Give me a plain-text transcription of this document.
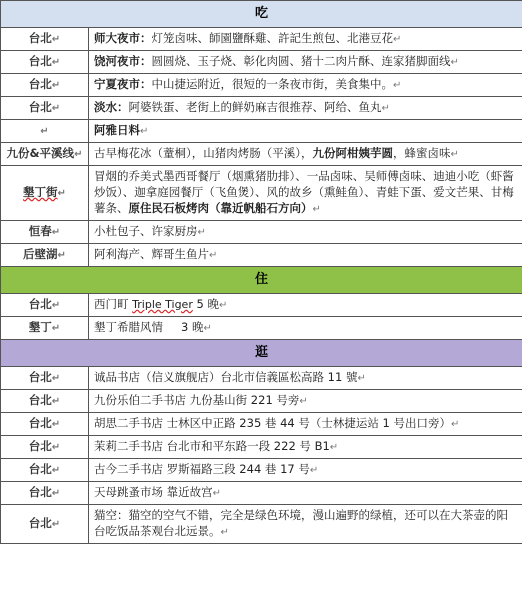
吃	
台北↵	师大夜市：灯笼卤味、師園鹽酥雞、許記生煎包、北港豆花↵
台北↵	饶河夜市：圆圆烧、玉子烧、彰化肉圆、猪十二肉片酥、连家猪脚面线↵
台北↵	宁夏夜市：中山捷运附近，很短的一条夜市街，美食集中。↵
台北↵	淡水：阿婆铁蛋、老街上的鲜奶麻吉很推荐、阿给、鱼丸↵
↵	阿雅日料↵
九份&平溪线↵	古早梅花冰（蕫桐），山猪肉烤肠（平溪），九份阿柑姨芋圆，蜂蜜卤味↵
墾丁街↵	冒烟的乔美式墨西哥餐厅（烟熏猪肋排）、一品卤味、吴师傅卤味、迪迪小吃（虾酱炒饭）、迦拿庭园餐厅（飞鱼煲）、风的故乡（熏鲑鱼）、青蛙下蛋、爱文芒果、甘梅薯条、原住民石板烤肉（靠近帆船石方向）↵
恒春↵	小杜包子、许家厨房↵
后壁湖↵	阿利海产、辉哥生鱼片↵
住	
台北↵	西门町 Triple Tiger 5 晚↵
墾丁↵	墾丁希腊风情 3 晚↵
逛	
台北↵	诚品书店（信义旗舰店）台北市信義區松高路 11 號↵
台北↵	九份乐伯二手书店 九份基山街 221 号旁↵
台北↵	胡思二手书店 士林区中正路 235 巷 44 号（士林捷运站 1 号出口旁）↵
台北↵	茉莉二手书店 台北市和平东路一段 222 号 B1↵
台北↵	古今二手书店 罗斯福路三段 244 巷 17 号↵
台北↵	天母跳蚤市场 靠近故宫↵
台北↵	猫空：猫空的空气不错，完全是绿色环境，漫山遍野的绿植，还可以在大茶壶的阳台吃饭品茶观台北远景。↵
